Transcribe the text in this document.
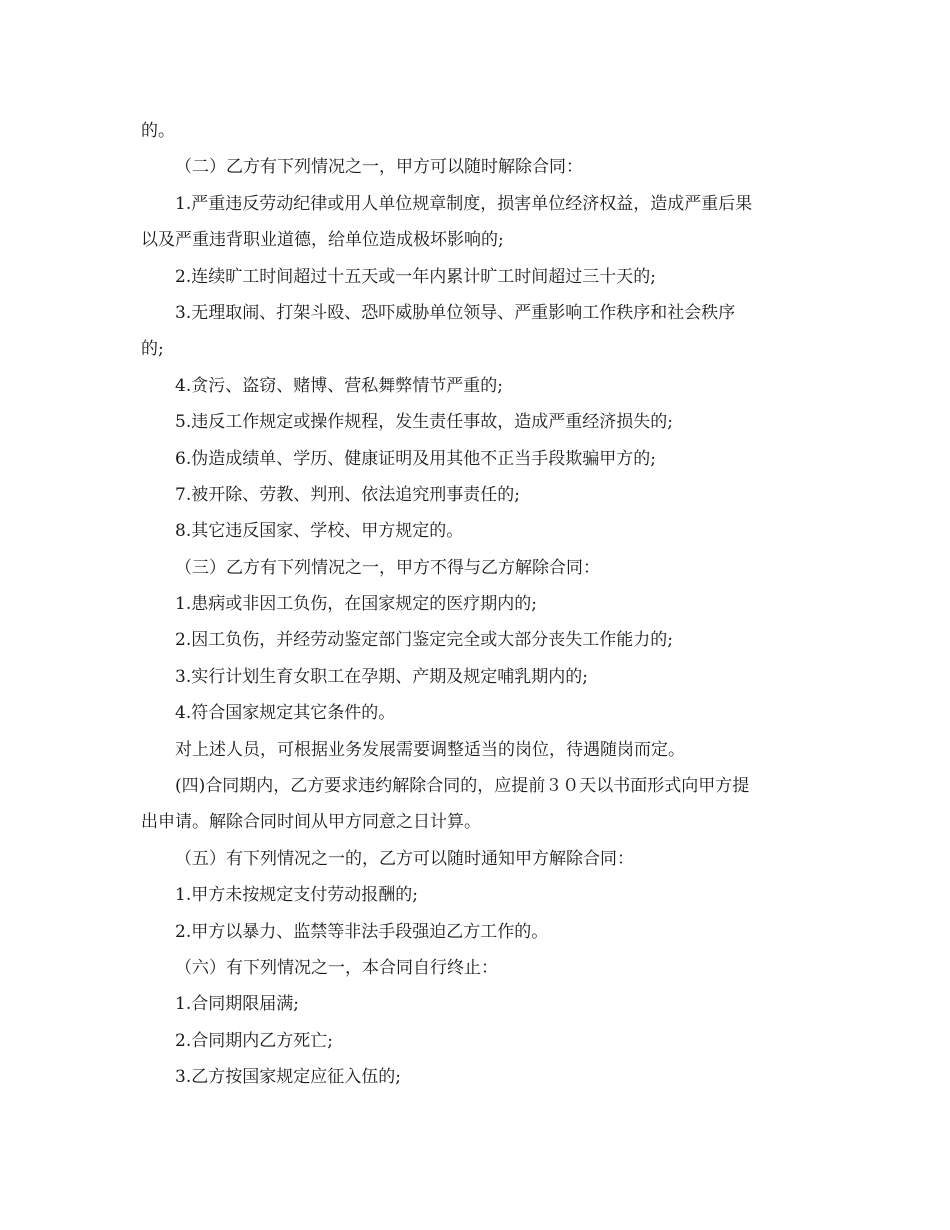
的。
（二）乙方有下列情况之一，甲方可以随时解除合同：
1.严重违反劳动纪律或用人单位规章制度，损害单位经济权益，造成严重后果
以及严重违背职业道德，给单位造成极坏影响的;
2.连续旷工时间超过十五天或一年内累计旷工时间超过三十天的;
3.无理取闹、打架斗殴、恐吓威胁单位领导、严重影响工作秩序和社会秩序
的;
4.贪污、盗窃、赌博、营私舞弊情节严重的;
5.违反工作规定或操作规程，发生责任事故，造成严重经济损失的;
6.伪造成绩单、学历、健康证明及用其他不正当手段欺骗甲方的;
7.被开除、劳教、判刑、依法追究刑事责任的;
8.其它违反国家、学校、甲方规定的。
（三）乙方有下列情况之一，甲方不得与乙方解除合同：
1.患病或非因工负伤，在国家规定的医疗期内的;
2.因工负伤，并经劳动鉴定部门鉴定完全或大部分丧失工作能力的;
3.实行计划生育女职工在孕期、产期及规定哺乳期内的;
4.符合国家规定其它条件的。
对上述人员，可根据业务发展需要调整适当的岗位，待遇随岗而定。
(四)合同期内，乙方要求违约解除合同的，应提前３０天以书面形式向甲方提
出申请。解除合同时间从甲方同意之日计算。
（五）有下列情况之一的，乙方可以随时通知甲方解除合同：
1.甲方未按规定支付劳动报酬的;
2.甲方以暴力、监禁等非法手段强迫乙方工作的。
（六）有下列情况之一，本合同自行终止：
1.合同期限届满;
2.合同期内乙方死亡;
3.乙方按国家规定应征入伍的;
